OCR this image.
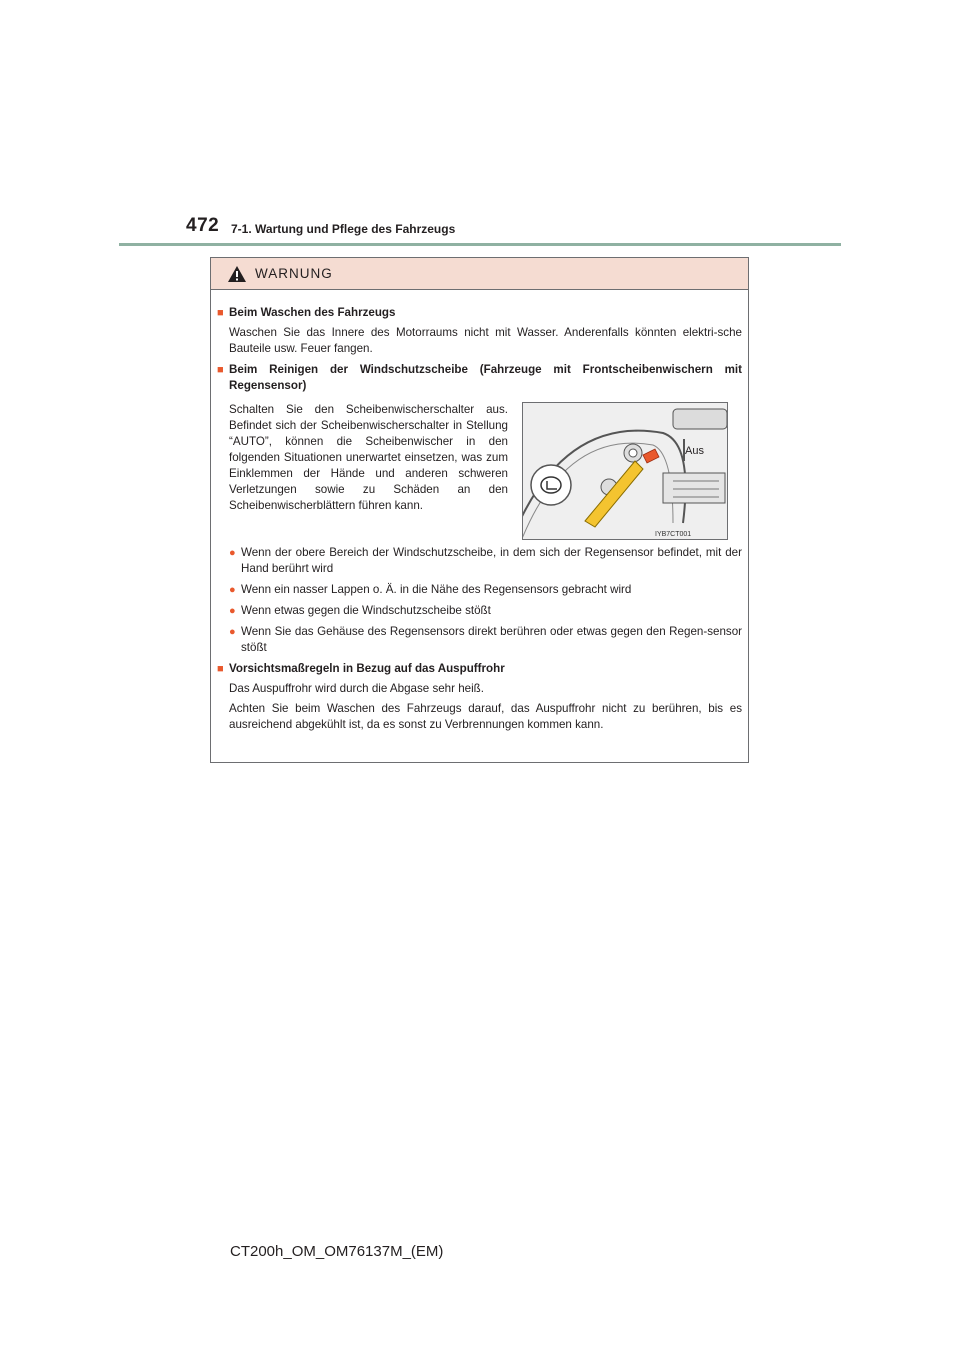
472 7-1. Wartung und Pflege des Fahrzeugs
WARNUNG
■ Beim Waschen des Fahrzeugs
Waschen Sie das Innere des Motorraums nicht mit Wasser. Anderenfalls könnten elektri-sche Bauteile usw. Feuer fangen.
■ Beim Reinigen der Windschutzscheibe (Fahrzeuge mit Frontscheibenwischern mit Regensensor)
Schalten Sie den Scheibenwischerschalter aus. Befindet sich der Scheibenwischerschalter in Stellung “AUTO”, können die Scheibenwischer in den folgenden Situationen unerwartet einsetzen, was zum Einklemmen der Hände und anderen schweren Verletzungen sowie zu Schäden an den Scheibenwischerblättern führen kann.
Aus
IYB7CT001
● Wenn der obere Bereich der Windschutzscheibe, in dem sich der Regensensor befindet, mit der Hand berührt wird
● Wenn ein nasser Lappen o. Ä. in die Nähe des Regensensors gebracht wird
● Wenn etwas gegen die Windschutzscheibe stößt
● Wenn Sie das Gehäuse des Regensensors direkt berühren oder etwas gegen den Regen-sensor stößt
■ Vorsichtsmaßregeln in Bezug auf das Auspuffrohr
Das Auspuffrohr wird durch die Abgase sehr heiß.
Achten Sie beim Waschen des Fahrzeugs darauf, das Auspuffrohr nicht zu berühren, bis es ausreichend abgekühlt ist, da es sonst zu Verbrennungen kommen kann.
CT200h_OM_OM76137M_(EM)
